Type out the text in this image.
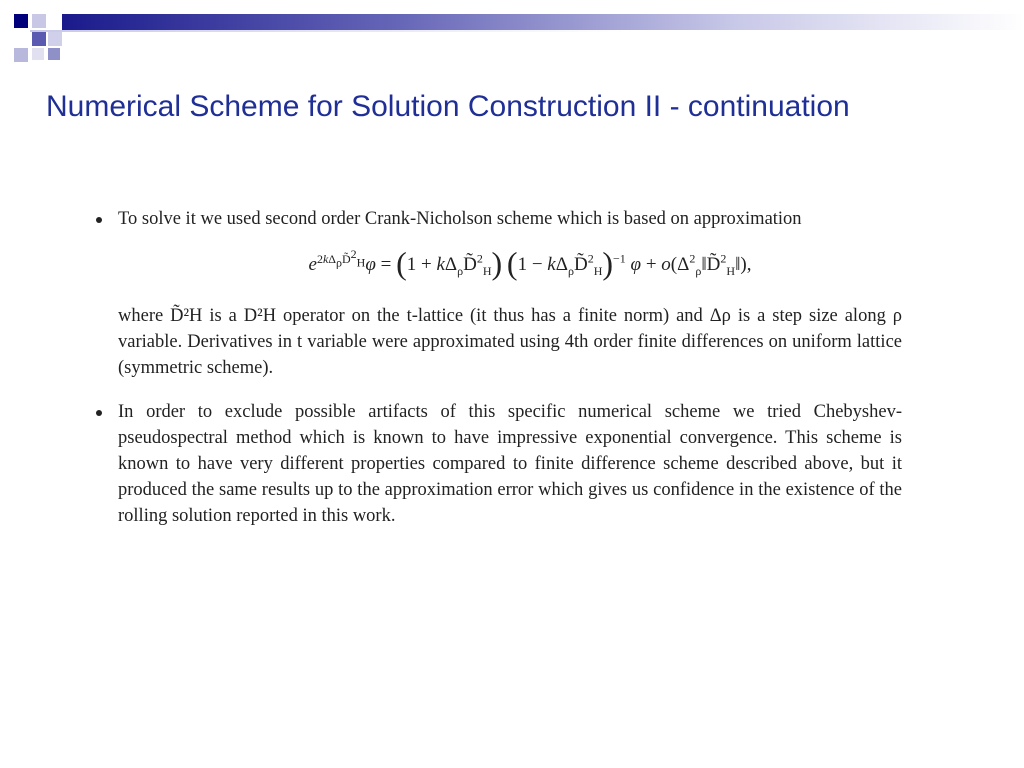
Numerical Scheme for Solution Construction II - continuation
To solve it we used second order Crank-Nicholson scheme which is based on approximation
$e^{2k\Delta_\rho D̃^2_H}\varphi = (1$ + $k\Delta_\rho D̃^2_H$) $(1 - k\Delta_\rho D̃^2_H)^{-1}$ $\varphi + o(\Delta^2_\rho‖D̃^2_H‖)$,
where D̃²H is a D²H operator on the t-lattice (it thus has a finite norm) and Δρ is a step size along ρ variable. Derivatives in t variable were approximated using 4th order finite differences on uniform lattice (symmetric scheme).
In order to exclude possible artifacts of this specific numerical scheme we tried Chebyshev-pseudospectral method which is known to have impressive exponential convergence. This scheme is known to have very different properties compared to finite difference scheme described above, but it produced the same results up to the approximation error which gives us confidence in the existence of the rolling solution reported in this work.
